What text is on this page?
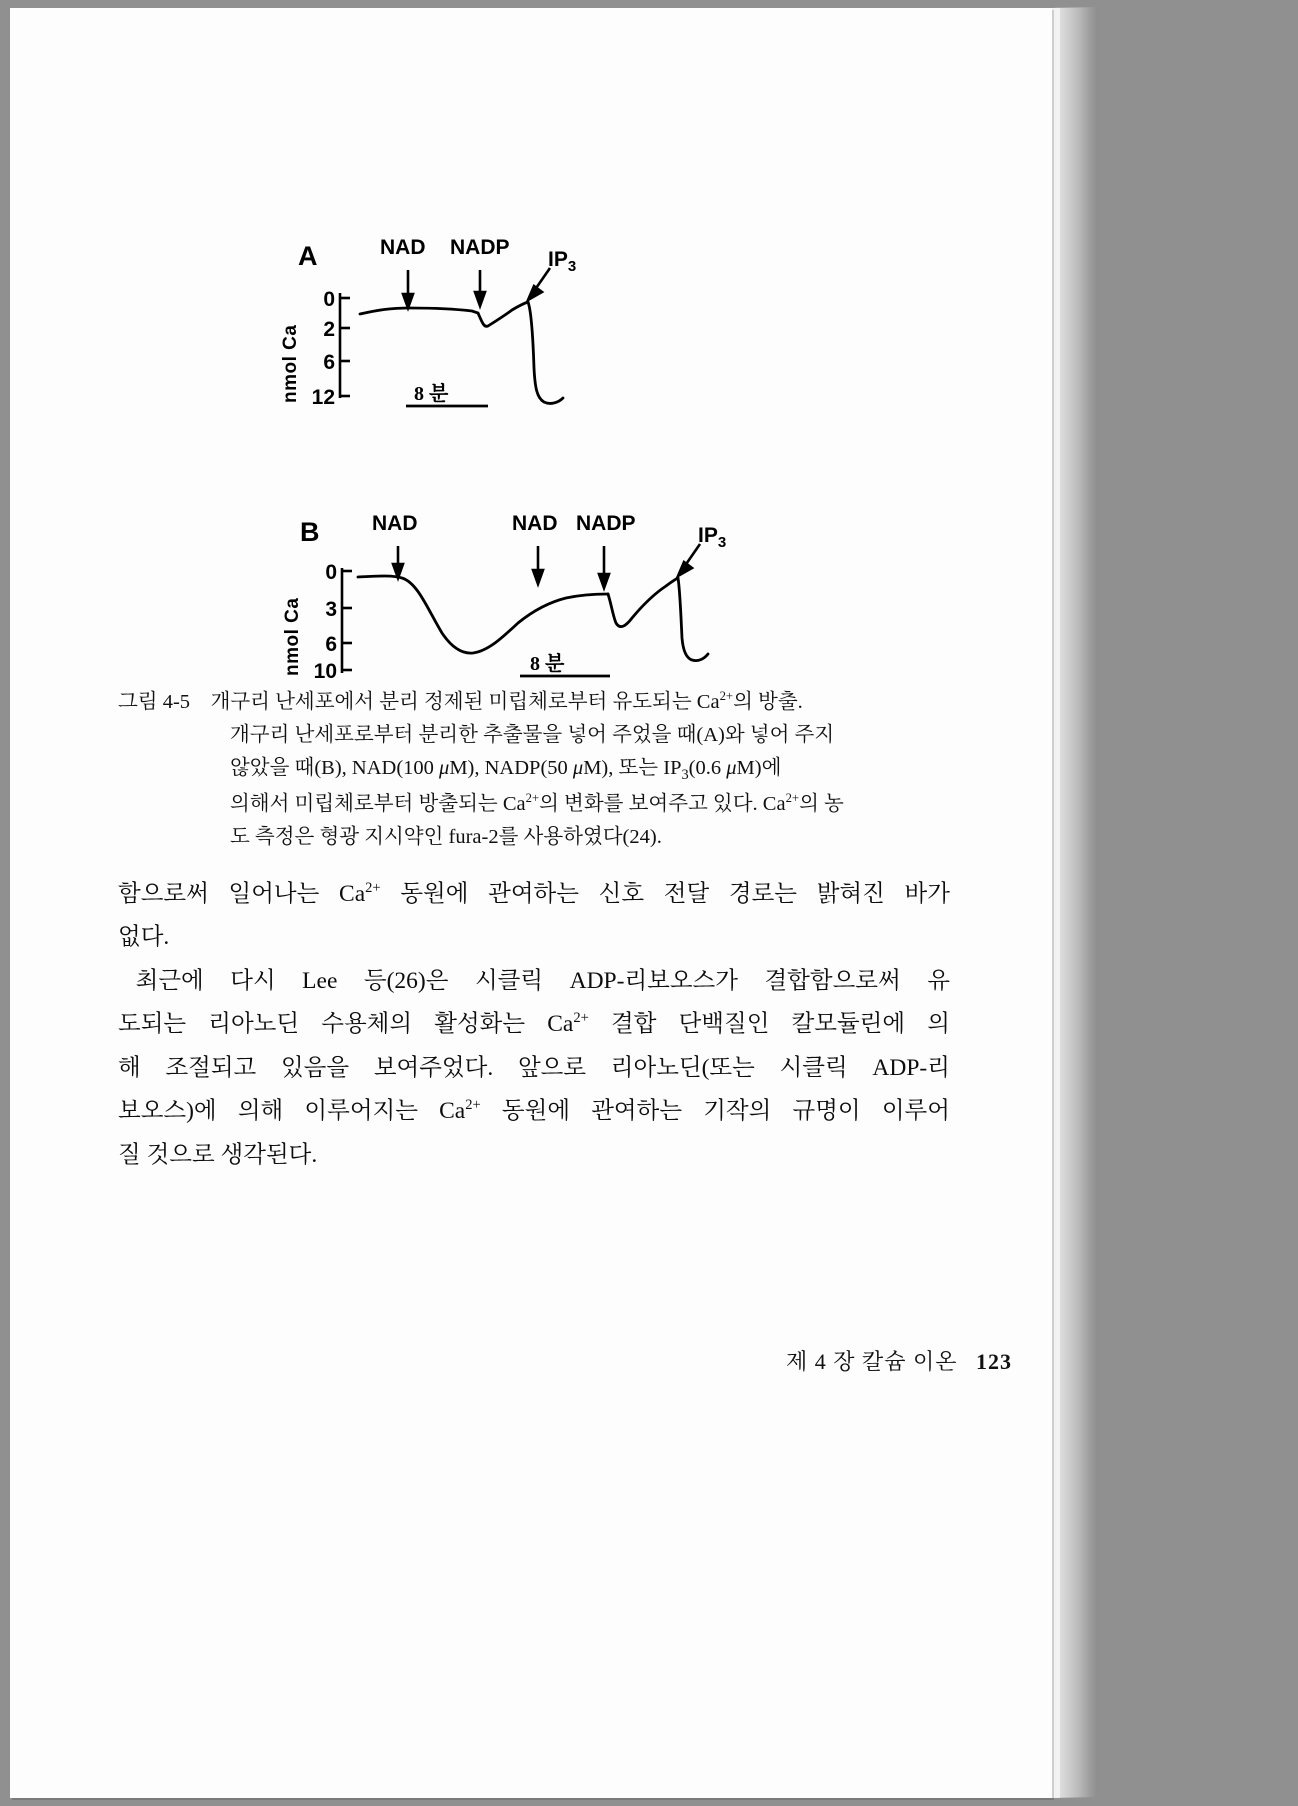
A
nmol Ca
0
2
6
12
NAD NADP
$IP_3$
8 분
B
nmol Ca
0
3
6
10
NAD	NAD NADP
$IP_3$
8 분
그림 4-5 개구리 난세포에서 분리 정제된 미립체로부터 유도되는 $Ca^{2+}$의 방출.
개구리 난세포로부터 분리한 추출물을 넣어 주었을 때(A)와 넣어 주지
않았을 때(B), NAD(100 μM), NADP(50 μM), 또는 $IP_3(0.6$ μM)에
의해서 미립체로부터 방출되는 $Ca^{2+}$의 변화를 보여주고 있다. $Ca^{2+}$의 농
도 측정은 형광 지시약인 fura-2를 사용하였다(24).

함으로써 일어나는 $Ca^{2+}$ 동원에 관여하는 신호 전달 경로는 밝혀진 바가
없다.

최근에 다시 Lee 등(26)은 시클릭 ADP-리보오스가 결합함으로써 유
도되는 리아노딘 수용체의 활성화는 $Ca^{2+}$ 결합 단백질인 칼모듈린에 의
해 조절되고 있음을 보여주었다. 앞으로 리아노딘(또는 시클릭 ADP-리
보오스)에 의해 이루어지는 $Ca^{2+}$ 동원에 관여하는 기작의 규명이 이루어
질 것으로 생각된다.

제 4 장 칼슘 이온 123
